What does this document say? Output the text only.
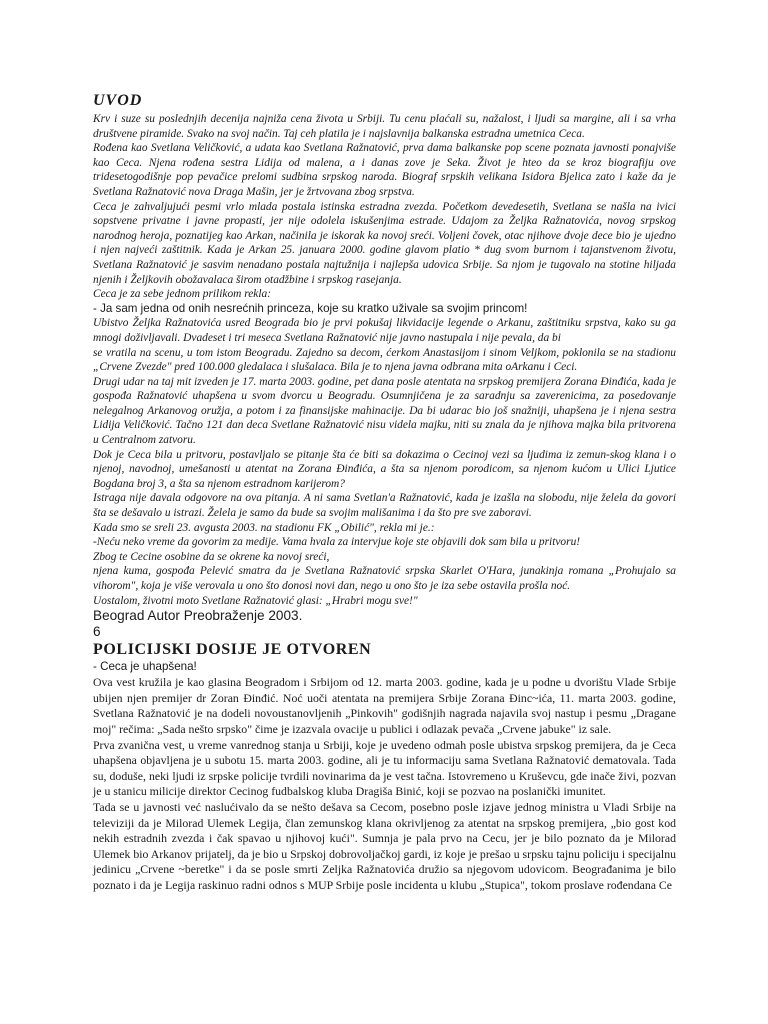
UVOD

Krv i suze su poslednjih decenija najniža cena života u Srbiji. Tu cenu plaćali su, nažalost, i ljudi sa margine, ali i sa vrha društvene piramide. Svako na svoj način. Taj ceh platila je i najslavnija balkanska estradna umetnica Ceca.

Rođena kao Svetlana Veličković, a udata kao Svetlana Ražnatović, prva dama balkanske pop scene poznata javnosti ponajviše kao Ceca. Njena rođena sestra Lidija od malena, a i danas zove je Seka. Život je hteo da se kroz biografiju ove tridesetogodišnje pop pevačice prelomi sudbina srpskog naroda. Biograf srpskih velikana Isidora Bjelica zato i kaže da je Svetlana Ražnatović nova Draga Mašin, jer je žrtvovana zbog srpstva.

Ceca je zahvaljujući pesmi vrlo mlada postala istinska estradna zvezda. Početkom devedesetih, Svetlana se našla na ivici sopstvene privatne i javne propasti, jer nije odolela iskušenjima estrade. Udajom za Željka Ražnatovića, novog srpskog narodnog heroja, poznatijeg kao Arkan, načinila je iskorak ka novoj sreći. Voljeni čovek, otac njihove dvoje dece bio je ujedno i njen najveći zaštitnik. Kada je Arkan 25. januara 2000. godine glavom platio * dug svom burnom i tajanstvenom životu, Svetlana Ražnatović je sasvim nenadano postala najtužnija i najlepša udovica Srbije. Sa njom je tugovalo na stotine hiljada njenih i Željkovih obožavalaca širom otadžbine i srpskog rasejanja.

Ceca je za sebe jednom prilikom rekla:

- Ja sam jedna od onih nesrećnih princeza, koje su kratko uživale sa svojim princom!

Ubistvo Željka Ražnatovića usred Beograda bio je prvi pokušaj likvidacije legende o Arkanu, zaštitniku srpstva, kako su ga mnogi doživljavali. Dvadeset i tri meseca Svetlana Ražnatović nije javno nastupala i nije pevala, da bi

se vratila na scenu, u tom istom Beogradu. Zajedno sa decom, ćerkom Anastasijom i sinom Veljkom, poklonila se na stadionu „Crvene Zvezde" pred 100.000 gledalaca i slušalaca. Bila je to njena javna odbrana mita oArkanu i Ceci.

Drugi udar na taj mit izveden je 17. marta 2003. godine, pet dana posle atentata na srpskog premijera Zorana Đinđića, kada je gospođa Ražnatović uhapšena u svom dvorcu u Beogradu. Osumnjičena je za saradnju sa zaverenicima, za posedovanje nelegalnog Arkanovog oružja, a potom i za finansijske mahinacije. Da bi udarac bio još snažniji, uhapšena je i njena sestra Lidija Veličković. Tačno 121 dan deca Svetlane Ražnatović nisu videla majku, niti su znala da je njihova majka bila pritvorena u Centralnom zatvoru.

Dok je Ceca bila u pritvoru, postavljalo se pitanje šta će biti sa dokazima o Cecinoj vezi sa ljudima iz zemun-skog klana i o njenoj, navodnoj, umešanosti u atentat na Zorana Đinđića, a šta sa njenom porodicom, sa njenom kućom u Ulici Ljutice Bogdana broj 3, a šta sa njenom estradnom karijerom?

Istraga nije davala odgovore na ova pitanja. A ni sama Svetlan'a Ražnatović, kada je izašla na slobodu, nije želela da govori šta se dešavalo u istrazi. Želela je samo da bude sa svojim mališanima i da što pre sve zaboravi.

Kada smo se sreli 23. avgusta 2003. na stadionu FK „Obilić", rekla mi je.:

-Neću neko vreme da govorim za medije. Vama hvala za intervjue koje ste objavili dok sam bila u pritvoru!

Zbog te Cecine osobine da se okrene ka novoj sreći,

njena kuma, gospođa Pelević smatra da je Svetlana Ražnatović srpska Skarlet O'Hara, junakinja romana „Prohujalo sa vihorom", koja je više verovala u ono što donosi novi dan, nego u ono što je iza sebe ostavila prošla noć.

Uostalom, životni moto Svetlane Ražnatović glasi: „Hrabri mogu sve!"

Beograd Autor Preobraženje 2003.

6

POLICIJSKI DOSIJE JE OTVOREN

- Ceca je uhapšena!

Ova vest kružila je kao glasina Beogradom i Srbijom od 12. marta 2003. godine, kada je u podne u dvorištu Vlade Srbije ubijen njen premijer dr Zoran Đinđić. Noć uoči atentata na premijera Srbije Zorana Đinc~ića, 11. marta 2003. godine, Svetlana Ražnatović je na dodeli novoustanovljenih „Pinkovih" godišnjih nagrada najavila svoj nastup i pesmu „Dragane moj" rečima: „Sada nešto srpsko" čime je izazvala ovacije u publici i odlazak pevača „Crvene jabuke" iz sale.

Prva zvanična vest, u vreme vanrednog stanja u Srbiji, koje je uvedeno odmah posle ubistva srpskog premijera, da je Ceca uhapšena objavljena je u subotu 15. marta 2003. godine, ali je tu informaciju sama Svetlana Ražnatović dematovala. Tada su, doduše, neki ljudi iz srpske policije tvrdili novinarima da je vest tačna. Istovremeno u Kruševcu, gde inače živi, pozvan je u stanicu milicije direktor Cecinog fudbalskog kluba Dragiša Binić, koji se pozvao na poslanički imunitet.

Tada se u javnosti već naslućivalo da se nešto dešava sa Cecom, posebno posle izjave jednog ministra u Vladi Srbije na televiziji da je Milorad Ulemek Legija, član zemunskog klana okrivljenog za atentat na srpskog premijera, „bio gost kod nekih estradnih zvezda i čak spavao u njihovoj kući". Sumnja je pala prvo na Cecu, jer je bilo poznato da je Milorad Ulemek bio Arkanov prijatelj, da je bio u Srpskoj dobrovoljačkoj gardi, iz koje je prešao u srpsku tajnu policiju i specijalnu jedinicu „Crvene ~beretke" i da se posle smrti Zeljka Ražnatovića družio sa njegovom udovicom. Beograđanima je bilo poznato i da je Legija raskinuo radni odnos s MUP Srbije posle incidenta u klubu „Stupica", tokom proslave rođendana Ce
